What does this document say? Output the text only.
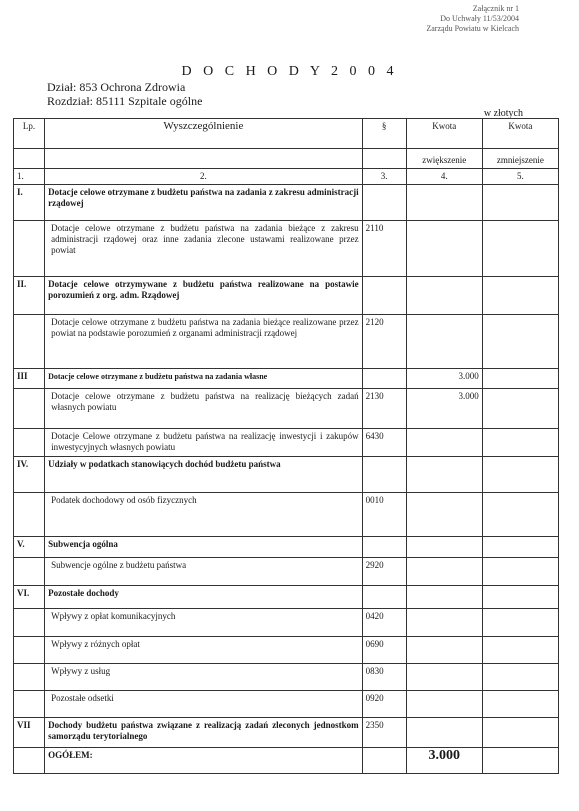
Załącznik nr 1
Do Uchwały 11/53/2004
Zarządu Powiatu w Kielcach
D O C H O D Y 2 0 0 4
Dział: 853 Ochrona Zdrowia
Rozdział: 85111 Szpitale ogólne
w złotych
Lp.	Wyszczególnienie	§	Kwota	Kwota
			zwiększenie	zmniejszenie
1.	2.	3.	4.	5.
I.	Dotacje celowe otrzymane z budżetu państwa na zadania z zakresu administracji rządowej			
	Dotacje celowe otrzymane z budżetu państwa na zadania bieżące z zakresu administracji rządowej oraz inne zadania zlecone ustawami realizowane przez powiat	2110		
II.	Dotacje celowe otrzymywane z budżetu państwa realizowane na postawie porozumień z org. adm. Rządowej			
	Dotacje celowe otrzymane z budżetu państwa na zadania bieżące realizowane przez powiat na podstawie porozumień z organami administracji rządowej	2120		
III	Dotacje celowe otrzymane z budżetu państwa na zadania własne		3.000	
	Dotacje celowe otrzymane z budżetu państwa na realizację bieżących zadań własnych powiatu	2130	3.000	
	Dotacje Celowe otrzymane z budżetu państwa na realizację inwestycji i zakupów inwestycyjnych własnych powiatu	6430		
IV.	Udziały w podatkach stanowiących dochód budżetu państwa			
	Podatek dochodowy od osób fizycznych	0010		
V.	Subwencja ogólna			
	Subwencje ogólne z budżetu państwa	2920		
VI.	Pozostałe dochody			
	Wpływy z opłat komunikacyjnych	0420		
	Wpływy z różnych opłat	0690		
	Wpływy z usług	0830		
	Pozostałe odsetki	0920		
VII	Dochody budżetu państwa związane z realizacją zadań zleconych jednostkom samorządu terytorialnego	2350		
	OGÓŁEM:		3.000	
